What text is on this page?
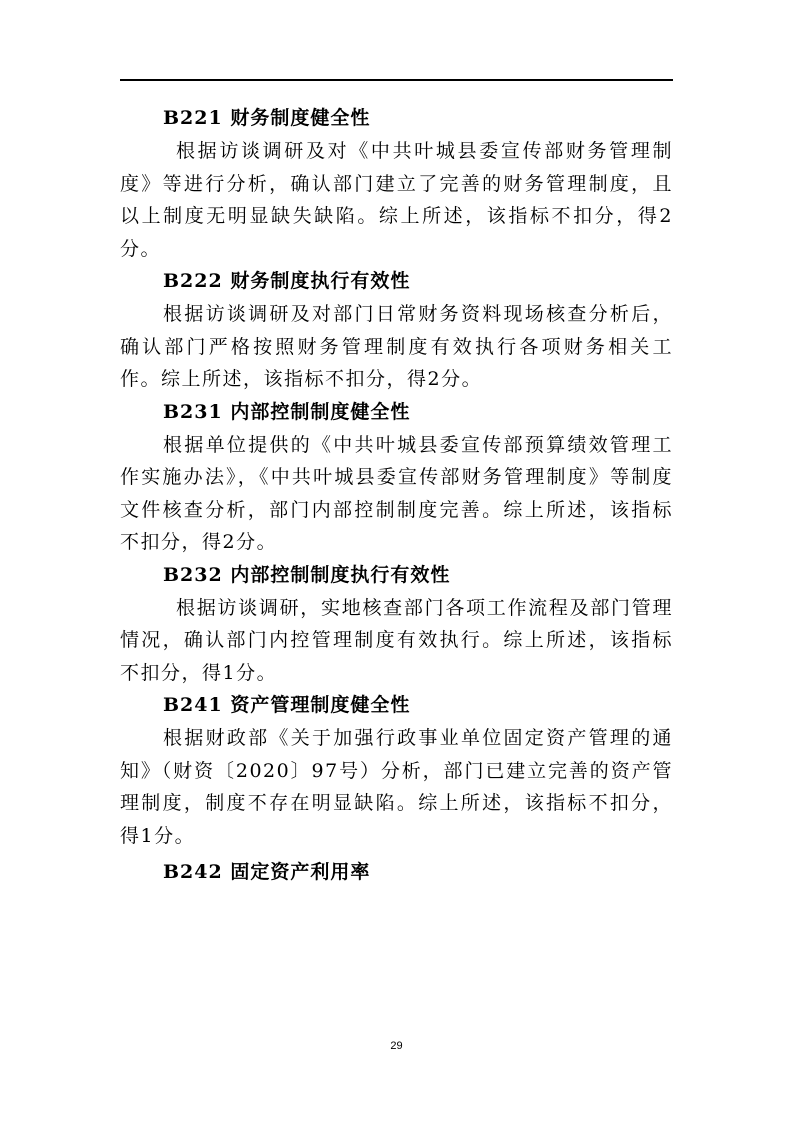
B221 财务制度健全性

根据访谈调研及对《中共叶城县委宣传部财务管理制度》等进行分析，确认部门建立了完善的财务管理制度，且以上制度无明显缺失缺陷。综上所述，该指标不扣分，得2分。

B222 财务制度执行有效性

根据访谈调研及对部门日常财务资料现场核查分析后，确认部门严格按照财务管理制度有效执行各项财务相关工作。综上所述，该指标不扣分，得2分。

B231 内部控制制度健全性

根据单位提供的《中共叶城县委宣传部预算绩效管理工作实施办法》，《中共叶城县委宣传部财务管理制度》等制度文件核查分析，部门内部控制制度完善。综上所述，该指标不扣分，得2分。

B232 内部控制制度执行有效性

根据访谈调研，实地核查部门各项工作流程及部门管理情况，确认部门内控管理制度有效执行。综上所述，该指标不扣分，得1分。

B241 资产管理制度健全性

根据财政部《关于加强行政事业单位固定资产管理的通知》（财资〔2020〕97号）分析，部门已建立完善的资产管理制度，制度不存在明显缺陷。综上所述，该指标不扣分，得1分。

B242 固定资产利用率
29
